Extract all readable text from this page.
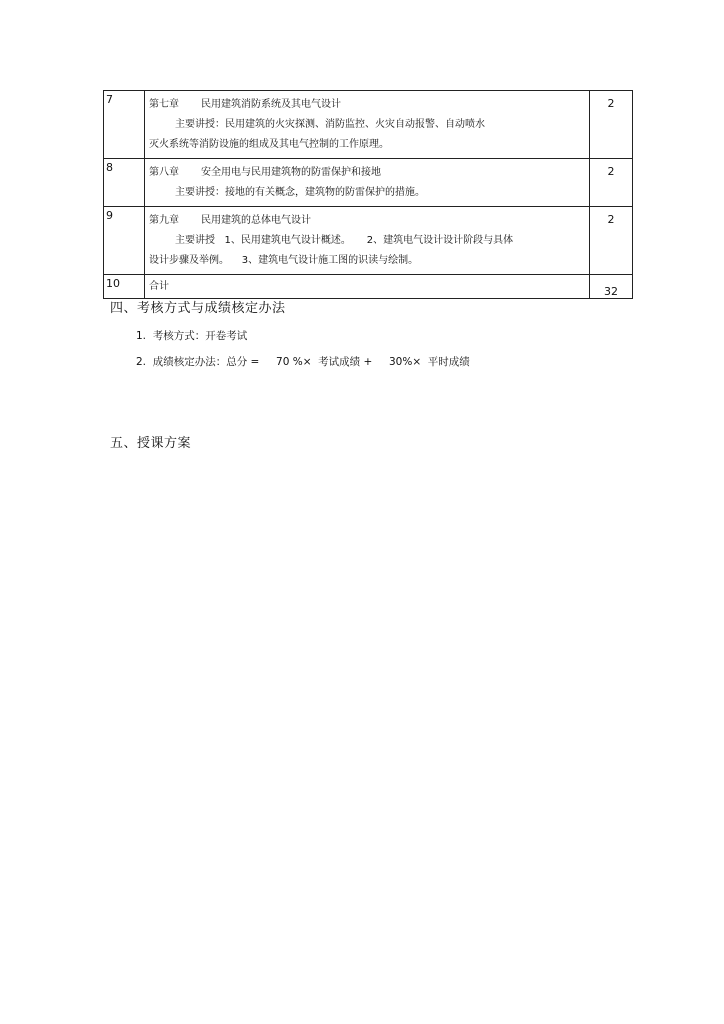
7	第七章 民用建筑消防系统及其电气设计
主要讲授：民用建筑的火灾探测、消防监控、火灾自动报警、自动喷水
灭火系统等消防设施的组成及其电气控制的工作原理。	2
8	第八章 安全用电与民用建筑物的防雷保护和接地
主要讲授：接地的有关概念，建筑物的防雷保护的措施。	2
9	第九章 民用建筑的总体电气设计
主要讲授   1、民用建筑电气设计概述。     2、建筑电气设计设计阶段与具体
设计步骤及举例。    3、建筑电气设计施工图的识读与绘制。	2
10	合计	32
四、考核方式与成绩核定办法
1.  考核方式：开卷考试
2.  成绩核定办法：总分 =     70 %×  考试成绩 +     30%×  平时成绩
五、授课方案
